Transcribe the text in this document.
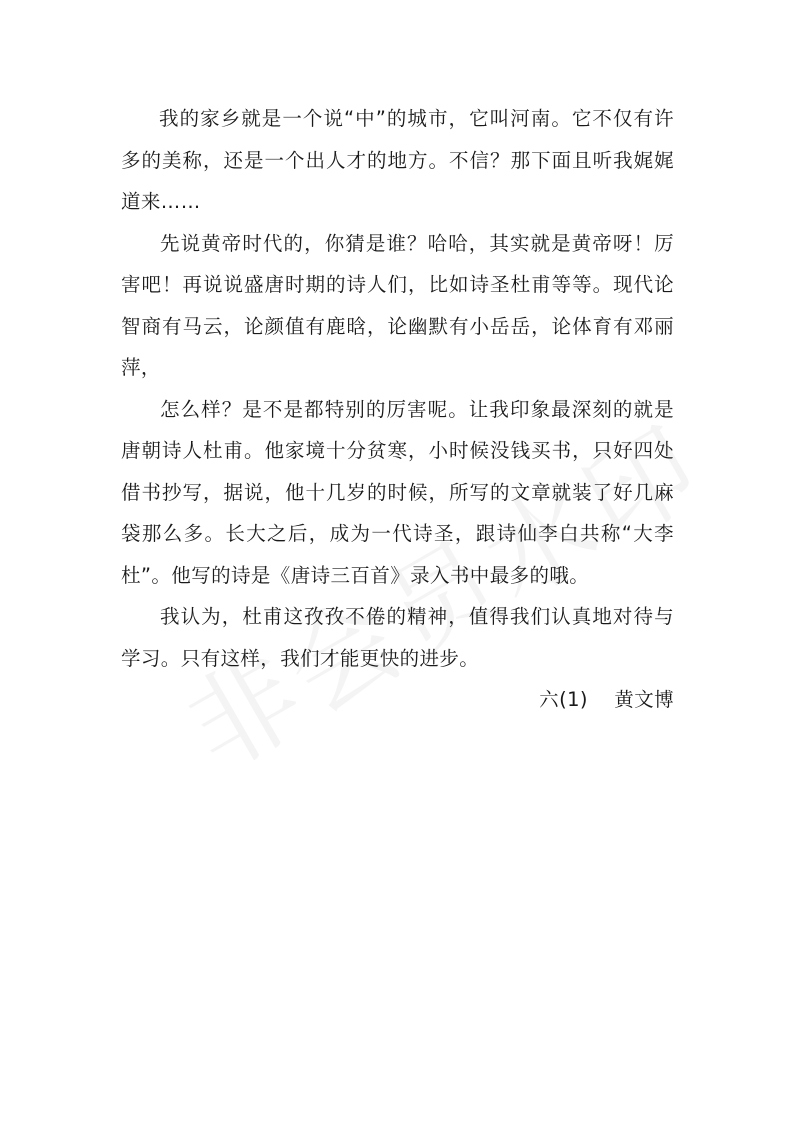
我的家乡就是一个说“中”的城市，它叫河南。它不仅有许多的美称，还是一个出人才的地方。不信？那下面且听我娓娓道来……

先说黄帝时代的，你猜是谁？哈哈，其实就是黄帝呀！厉害吧！再说说盛唐时期的诗人们，比如诗圣杜甫等等。现代论智商有马云，论颜值有鹿晗，论幽默有小岳岳，论体育有邓丽萍，

怎么样？是不是都特别的厉害呢。让我印象最深刻的就是唐朝诗人杜甫。他家境十分贫寒，小时候没钱买书，只好四处借书抄写，据说，他十几岁的时候，所写的文章就装了好几麻袋那么多。长大之后，成为一代诗圣，跟诗仙李白共称“大李杜”。他写的诗是《唐诗三百首》录入书中最多的哦。

我认为，杜甫这孜孜不倦的精神，值得我们认真地对待与学习。只有这样，我们才能更快的进步。

六(1)    黄文博
